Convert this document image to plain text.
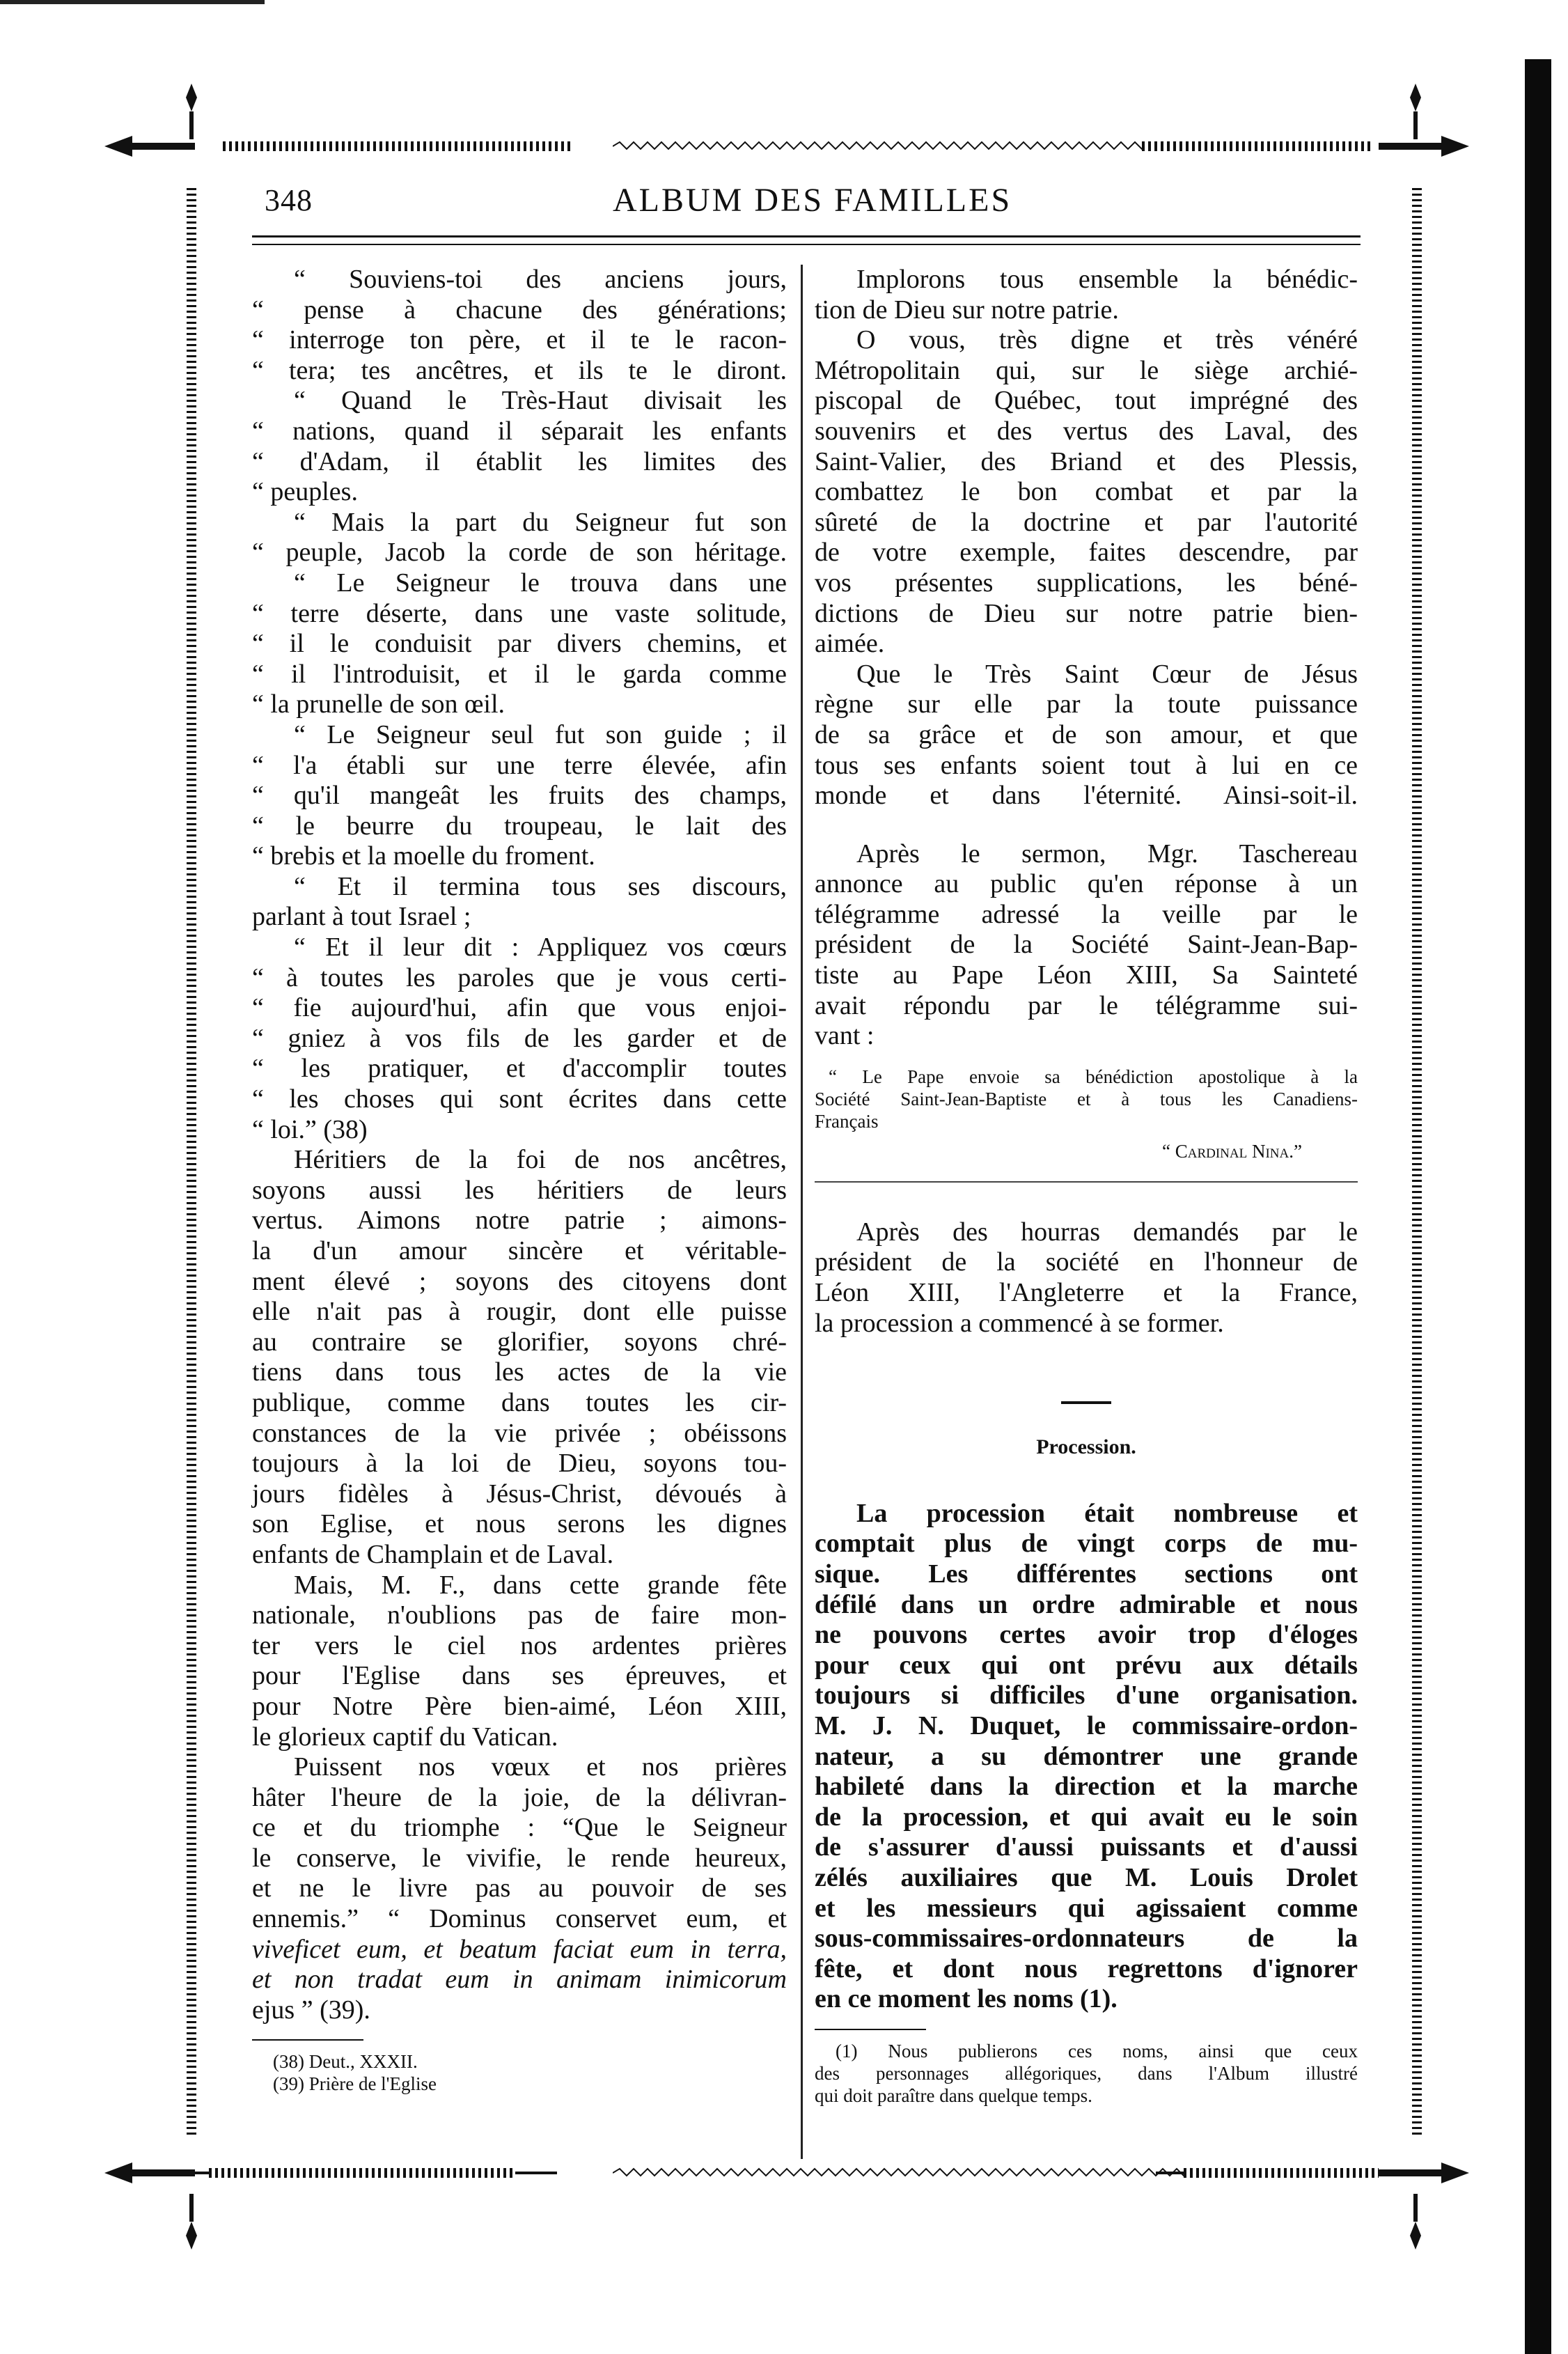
348	ALBUM DES FAMILLES

“ Souviens-toi des anciens jours,

“ pense à chacune des générations;

“ interroge ton père, et il te le racon-

“ tera; tes ancêtres, et ils te le diront.

“ Quand le Très-Haut divisait les

“ nations, quand il séparait les enfants

“ d'Adam, il établit les limites des

“ peuples.

“ Mais la part du Seigneur fut son

“ peuple, Jacob la corde de son héritage.

“ Le Seigneur le trouva dans une

“ terre déserte, dans une vaste solitude,

“ il le conduisit par divers chemins, et

“ il l'introduisit, et il le garda comme

“ la prunelle de son œil.

“ Le Seigneur seul fut son guide ; il

“ l'a établi sur une terre élevée, afin

“ qu'il mangeât les fruits des champs,

“ le beurre du troupeau, le lait des

“ brebis et la moelle du froment.

“ Et il termina tous ses discours,

parlant à tout Israel ;

“ Et il leur dit : Appliquez vos cœurs

“ à toutes les paroles que je vous certi-

“ fie aujourd'hui, afin que vous enjoi-

“ gniez à vos fils de les garder et de

“ les pratiquer, et d'accomplir toutes

“ les choses qui sont écrites dans cette

“ loi.” (38)

Héritiers de la foi de nos ancêtres,

soyons aussi les héritiers de leurs

vertus. Aimons notre patrie ; aimons-

la d'un amour sincère et véritable-

ment élevé ; soyons des citoyens dont

elle n'ait pas à rougir, dont elle puisse

au contraire se glorifier, soyons chré-

tiens dans tous les actes de la vie

publique, comme dans toutes les cir-

constances de la vie privée ; obéissons

toujours à la loi de Dieu, soyons tou-

jours fidèles à Jésus-Christ, dévoués à

son Eglise, et nous serons les dignes

enfants de Champlain et de Laval.

Mais, M. F., dans cette grande fête

nationale, n'oublions pas de faire mon-

ter vers le ciel nos ardentes prières

pour l'Eglise dans ses épreuves, et

pour Notre Père bien-aimé, Léon XIII,

le glorieux captif du Vatican.

Puissent nos vœux et nos prières

hâter l'heure de la joie, de la délivran-

ce et du triomphe : “Que le Seigneur

le conserve, le vivifie, le rende heureux,

et ne le livre pas au pouvoir de ses

ennemis.” “ Dominus conservet eum, et

viveficet eum, et beatum faciat eum in terra,

et non tradat eum in animam inimicorum

ejus ” (39).

(38) Deut., XXXII.

(39) Prière de l'Eglise

Implorons tous ensemble la bénédic-

tion de Dieu sur notre patrie.

O vous, très digne et très vénéré

Métropolitain qui, sur le siège archié-

piscopal de Québec, tout imprégné des

souvenirs et des vertus des Laval, des

Saint-Valier, des Briand et des Plessis,

combattez le bon combat et par la

sûreté de la doctrine et par l'autorité

de votre exemple, faites descendre, par

vos présentes supplications, les béné-

dictions de Dieu sur notre patrie bien-

aimée.

Que le Très Saint Cœur de Jésus

règne sur elle par la toute puissance

de sa grâce et de son amour, et que

tous ses enfants soient tout à lui en ce

monde et dans l'éternité. Ainsi-soit-il.

Après le sermon, Mgr. Taschereau

annonce au public qu'en réponse à un

télégramme adressé la veille par le

président de la Société Saint-Jean-Bap-

tiste au Pape Léon XIII, Sa Sainteté

avait répondu par le télégramme sui-

vant :

“ Le Pape envoie sa bénédiction apostolique à la

Société Saint-Jean-Baptiste et à tous les Canadiens-

Français

“ Cardinal Nina.”

Après des hourras demandés par le

président de la société en l'honneur de

Léon XIII, l'Angleterre et la France,

la procession a commencé à se former.

Procession.

La procession était nombreuse et

comptait plus de vingt corps de mu-

sique. Les différentes sections ont

défilé dans un ordre admirable et nous

ne pouvons certes avoir trop d'éloges

pour ceux qui ont prévu aux détails

toujours si difficiles d'une organisation.

M. J. N. Duquet, le commissaire-ordon-

nateur, a su démontrer une grande

habileté dans la direction et la marche

de la procession, et qui avait eu le soin

de s'assurer d'aussi puissants et d'aussi

zélés auxiliaires que M. Louis Drolet

et les messieurs qui agissaient comme

sous-commissaires-ordonnateurs de la

fête, et dont nous regrettons d'ignorer

en ce moment les noms (1).

(1) Nous publierons ces noms, ainsi que ceux

des personnages allégoriques, dans l'Album illustré

qui doit paraître dans quelque temps.
